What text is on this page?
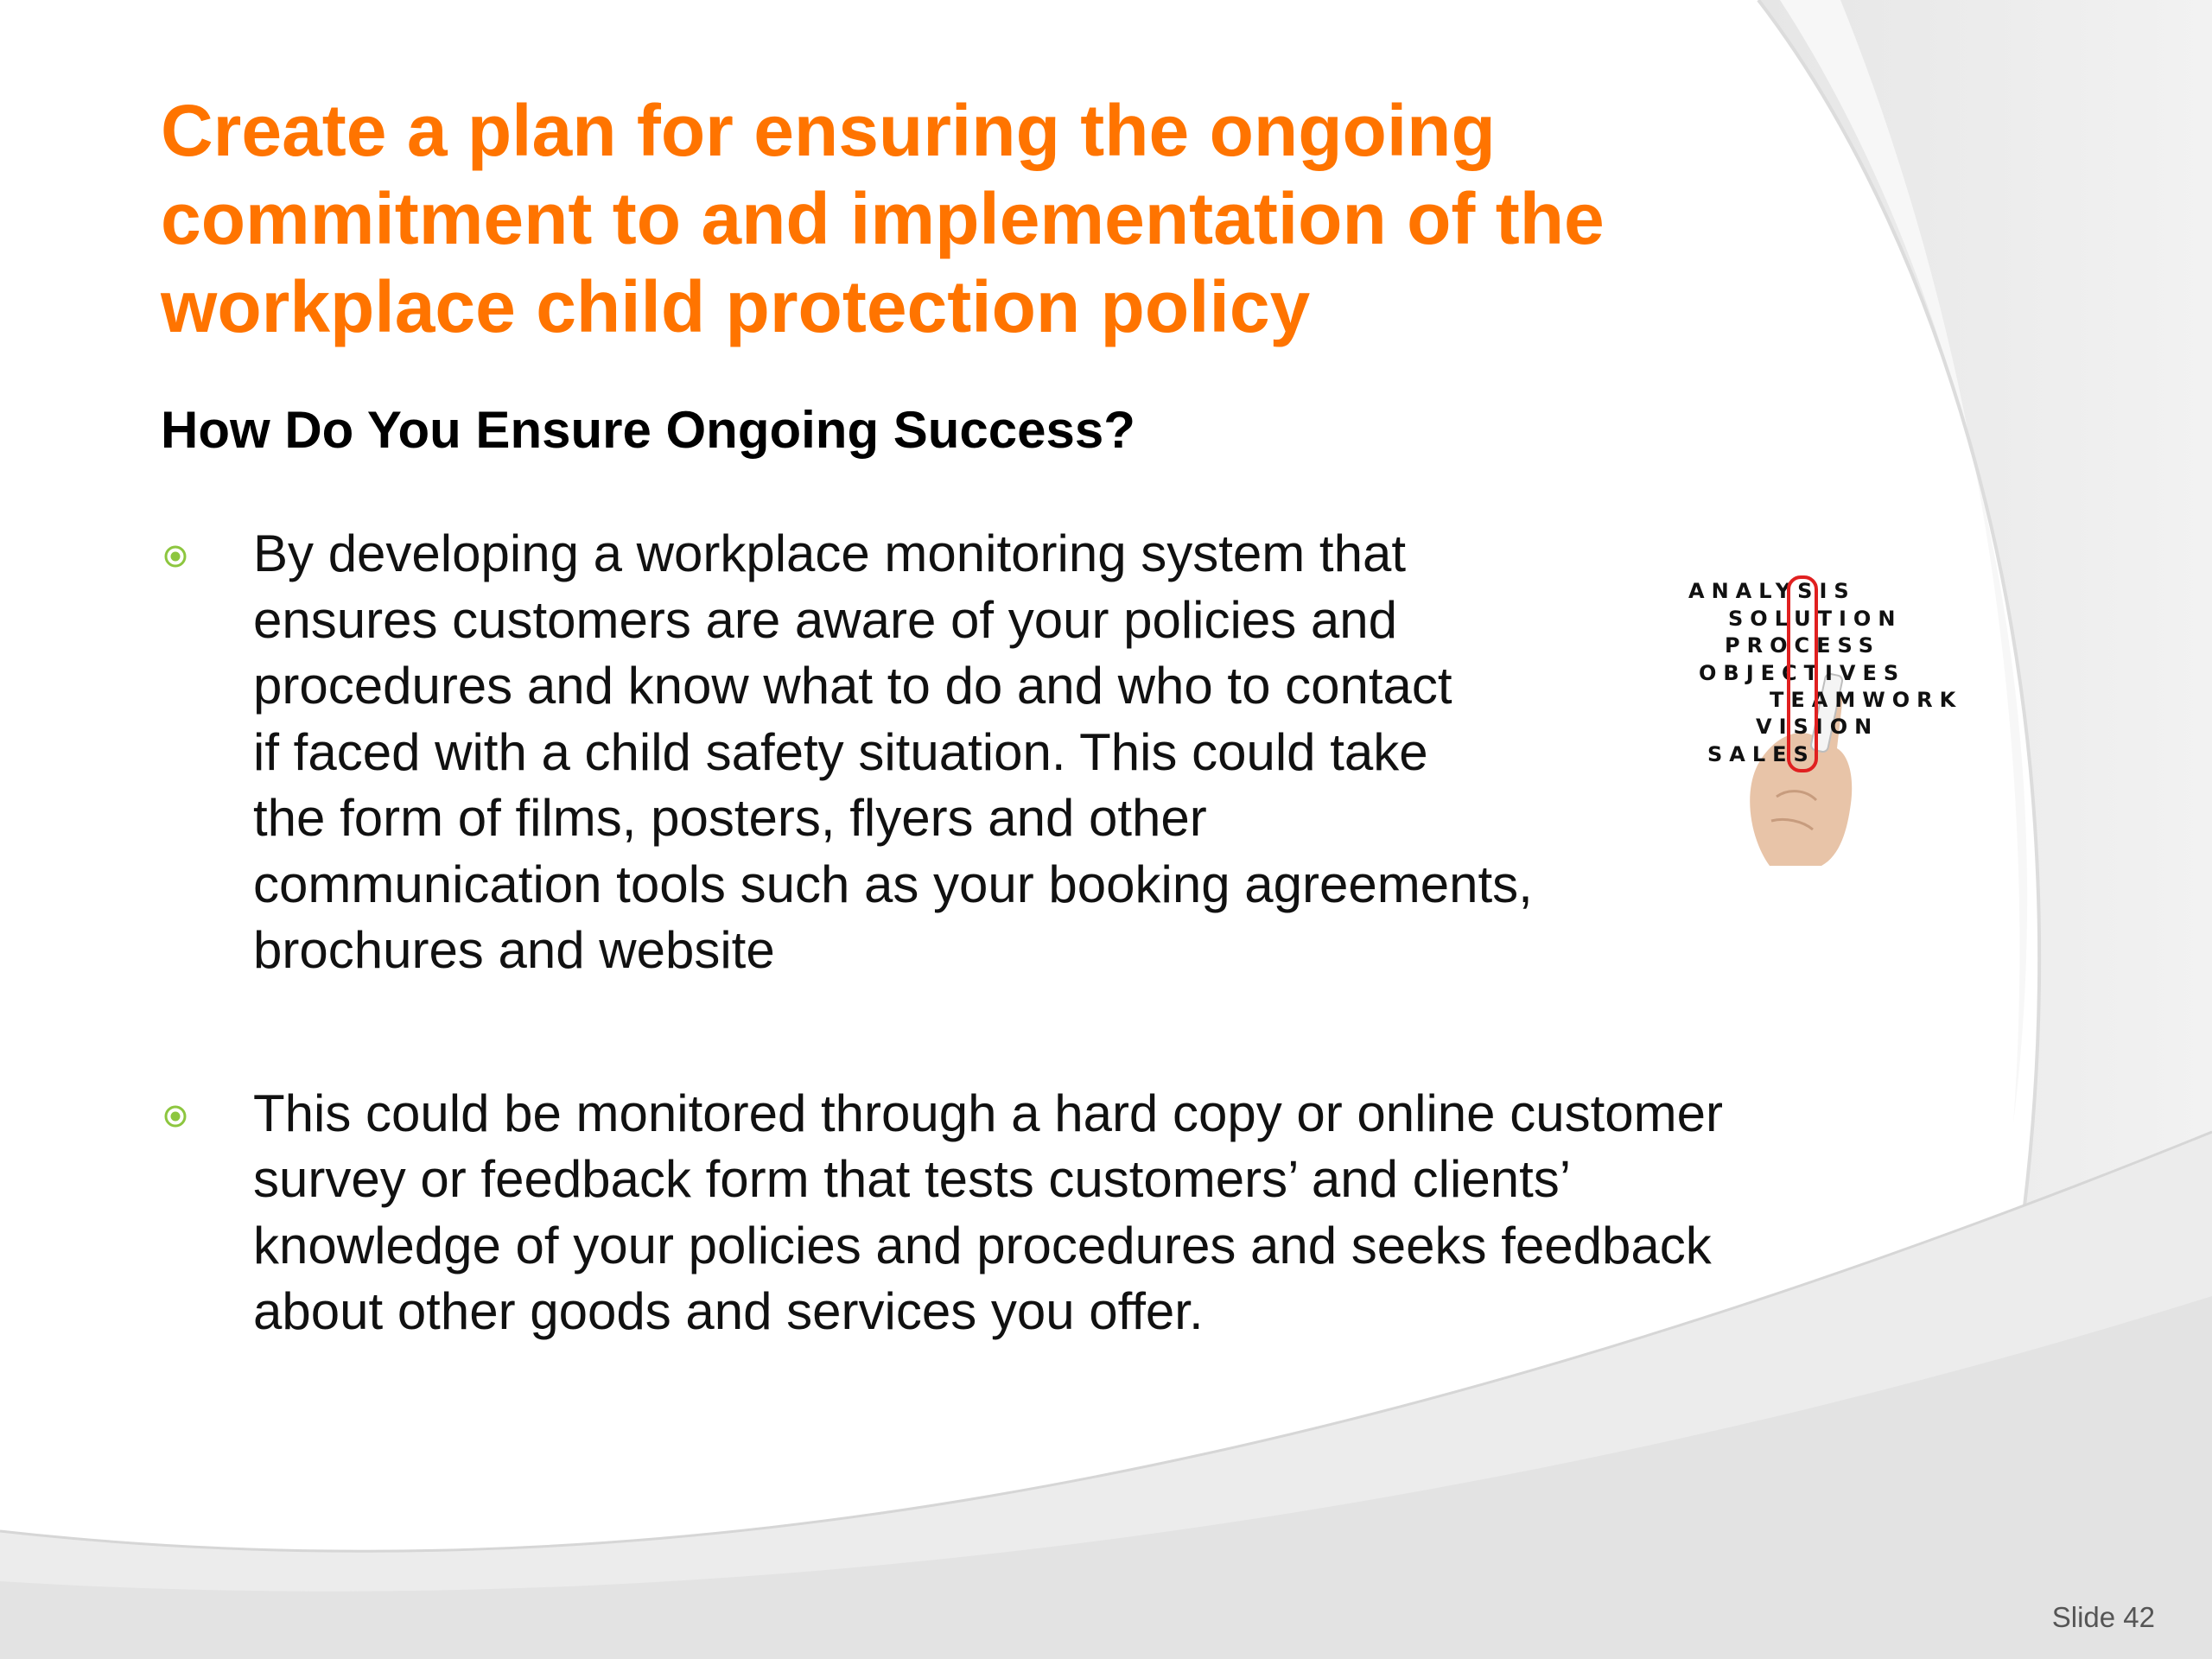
Create a plan for ensuring the ongoing commitment to and implementation of the workplace child protection policy
How Do You Ensure Ongoing Success?
By developing a workplace monitoring system that
ensures customers are aware of your policies and
procedures and know what to do and who to contact
if faced with a child safety situation. This could take
the form of films, posters, flyers and other
communication tools such as your booking agreements,
brochures and website
This could be monitored through a hard copy or online customer
survey or feedback form that tests customers’ and clients’
knowledge of your policies and procedures and seeks feedback
about other goods and services you offer.
ANALYSIS
SOLUTION
PROCESS
OBJECTIVES
TEAMWORK
VISION
SALES
Slide 42
